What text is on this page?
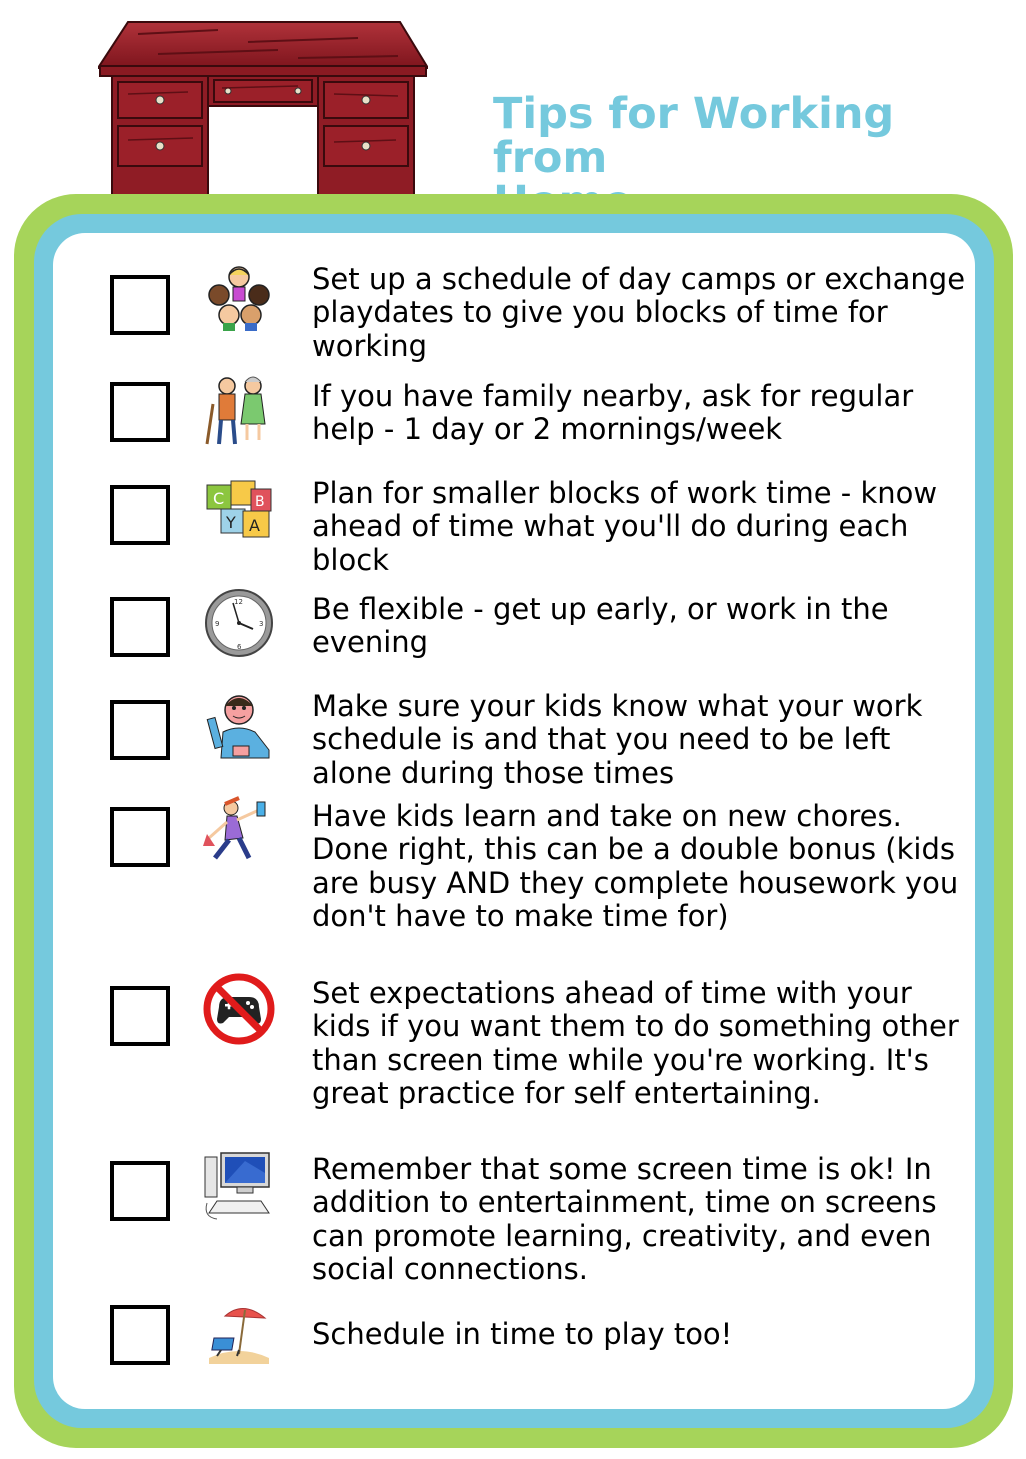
Tips for Working from

Set up a schedule of day camps or exchange playdates to give you blocks of time for working

If you have family nearby, ask for regular help - 1 day or 2 mornings/week

C B
Y A

Plan for smaller blocks of work time - know ahead of time what you'll do during each block

12
3
6
9	Be flexible - get up early, or work in the evening

Make sure your kids know what your work schedule is and that you need to be left alone during those times

Have kids learn and take on new chores. Done right, this can be a double bonus (kids are busy AND they complete housework you don't have to make time for)

Set expectations ahead of time with your kids if you want them to do something other than screen time while you're working. It's great practice for self entertaining.

Remember that some screen time is ok! In addition to entertainment, time on screens can promote learning, creativity, and even social connections.

Schedule in time to play too!
